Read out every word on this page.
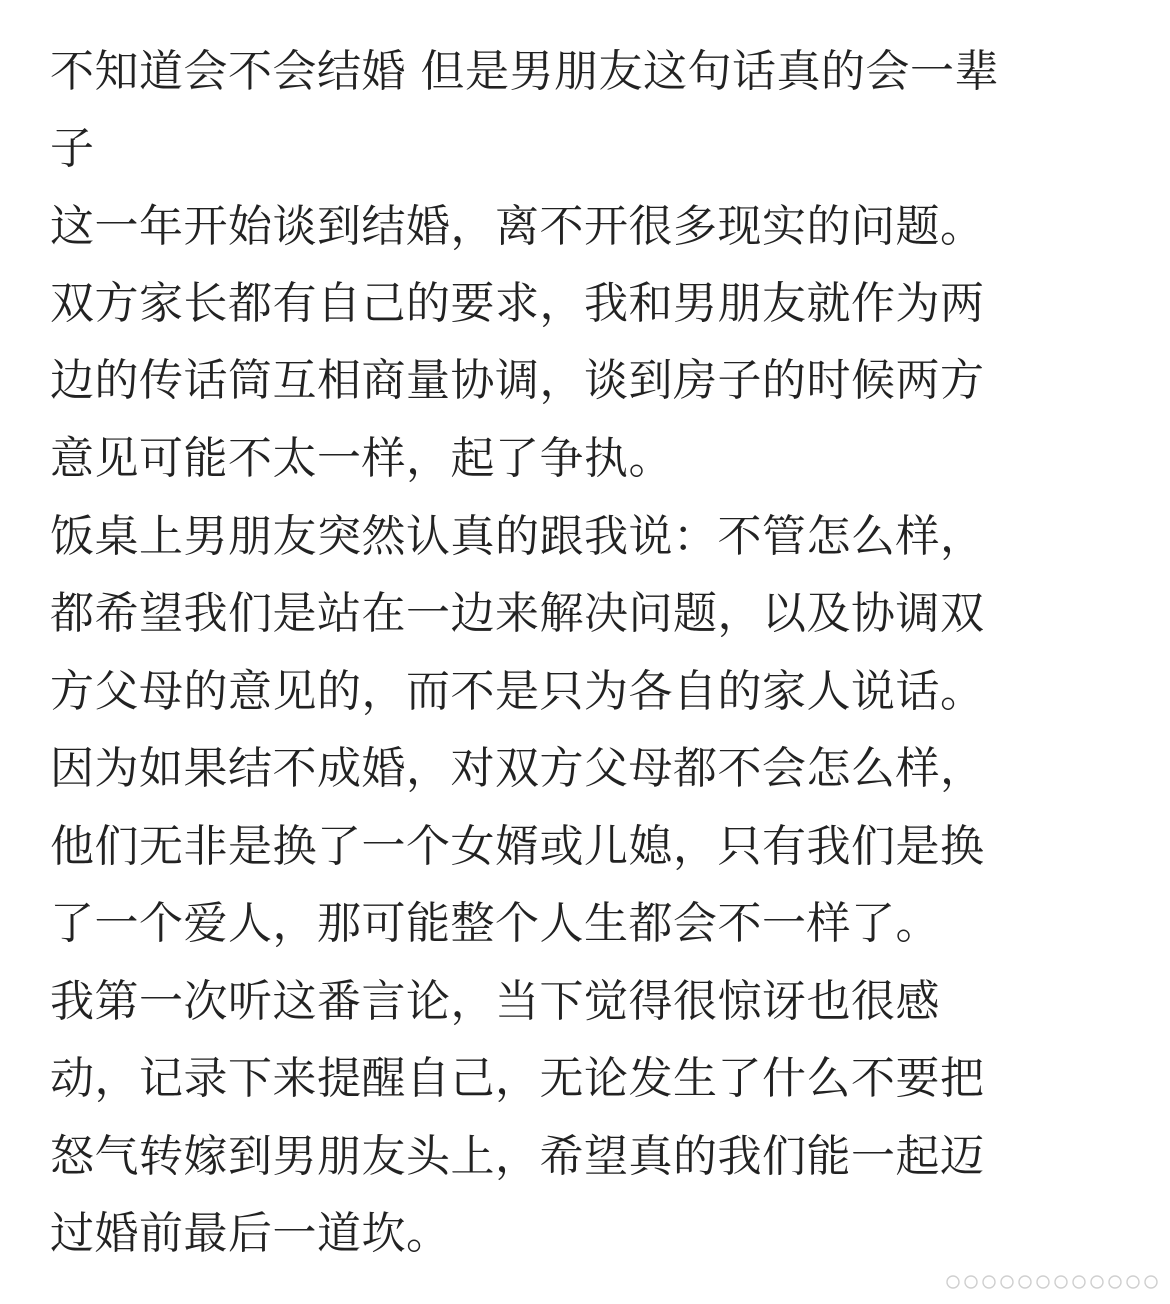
不知道会不会结婚 但是男朋友这句话真的会一辈

子

这一年开始谈到结婚，离不开很多现实的问题。

双方家长都有自己的要求，我和男朋友就作为两

边的传话筒互相商量协调，谈到房子的时候两方

意见可能不太一样，起了争执。

饭桌上男朋友突然认真的跟我说：不管怎么样，

都希望我们是站在一边来解决问题，以及协调双

方父母的意见的，而不是只为各自的家人说话。

因为如果结不成婚，对双方父母都不会怎么样，

他们无非是换了一个女婿或儿媳，只有我们是换

了一个爱人，那可能整个人生都会不一样了。

我第一次听这番言论，当下觉得很惊讶也很感

动，记录下来提醒自己，无论发生了什么不要把

怒气转嫁到男朋友头上，希望真的我们能一起迈

过婚前最后一道坎。
